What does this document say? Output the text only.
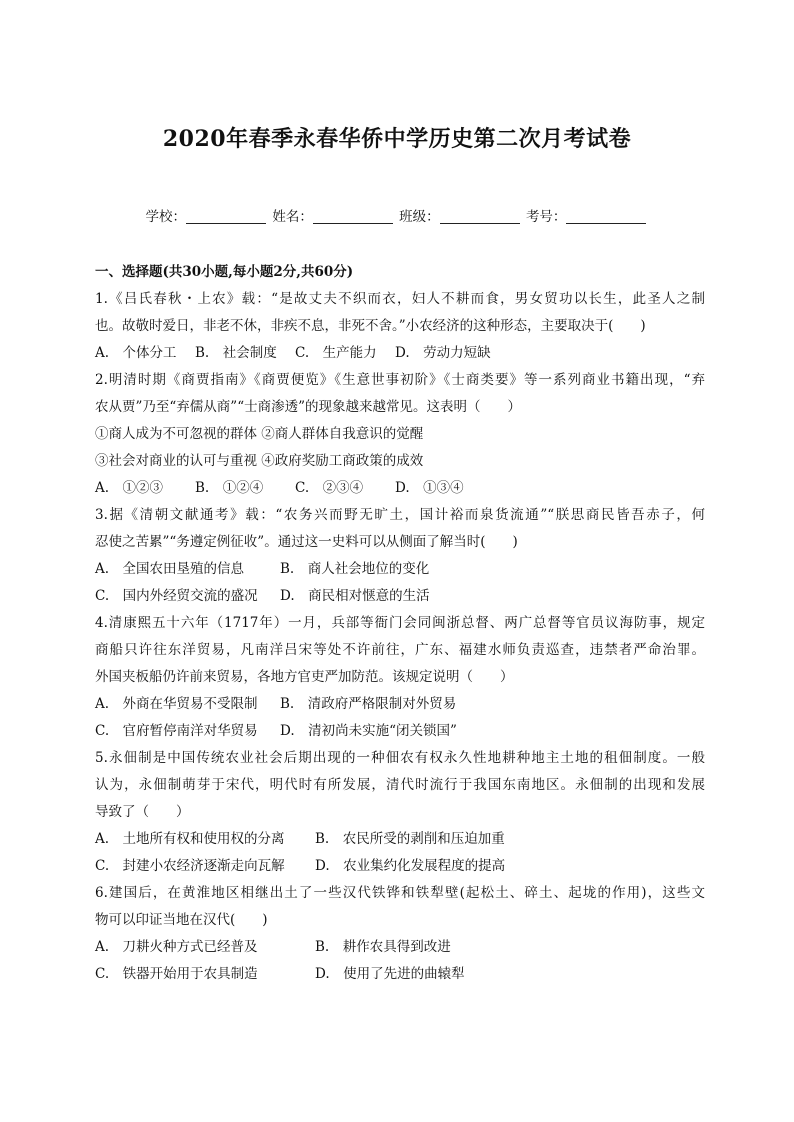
2020年春季永春华侨中学历史第二次月考试卷
学校：	姓名：	班级：	考号：
一、选择题(共30小题,每小题2分,共60分)
1.《吕氏春秋・上农》载：“是故丈夫不织而衣，妇人不耕而食，男女贸功以长生，此圣人之制
也。故敬时爱日，非老不休，非疾不息，非死不舍。”小农经济的这种形态，主要取决于(　　)
A.　个体分工 B.　社会制度 C.　生产能力 D.　劳动力短缺
2.明清时期《商贾指南》《商贾便览》《生意世事初阶》《士商类要》等一系列商业书籍出现，“弃
农从贾”乃至“弃儒从商”“士商渗透”的现象越来越常见。这表明（　　）
①商人成为不可忽视的群体 ②商人群体自我意识的觉醒
③社会对商业的认可与重视 ④政府奖励工商政策的成效
A.　①②③ B.　①②④ C.　②③④ D.　①③④
3.据《清朝文献通考》载：“农务兴而野无旷土，国计裕而泉货流通”“朕思商民皆吾赤子，何
忍使之苦累”“务遵定例征收”。通过这一史料可以从侧面了解当时(　　)
A.　全国农田垦殖的信息	B.　商人社会地位的变化
C.　国内外经贸交流的盛况 D.　商民相对惬意的生活
4.清康熙五十六年（1717年）一月，兵部等衙门会同闽浙总督、两广总督等官员议海防事，规定
商船只许往东洋贸易，凡南洋吕宋等处不许前往，广东、福建水师负责巡查，违禁者严命治罪。
外国夹板船仍许前来贸易，各地方官吏严加防范。该规定说明（　　）
A.　外商在华贸易不受限制 B.　清政府严格限制对外贸易
C.　官府暂停南洋对华贸易 D.　清初尚未实施“闭关锁国”
5.永佃制是中国传统农业社会后期出现的一种佃农有权永久性地耕种地主土地的租佃制度。一般
认为，永佃制萌芽于宋代，明代时有所发展，清代时流行于我国东南地区。永佃制的出现和发展
导致了（　　）
A.　土地所有权和使用权的分离 B.　农民所受的剥削和压迫加重
C.　封建小农经济逐渐走向瓦解 D.　农业集约化发展程度的提高
6.建国后，在黄淮地区相继出土了一些汉代铁铧和铁犁壁(起松土、碎土、起垅的作用)，这些文
物可以印证当地在汉代(　　)
A.　刀耕火种方式已经普及	B.　耕作农具得到改进
C.　铁器开始用于农具制造	D.　使用了先进的曲辕犁
